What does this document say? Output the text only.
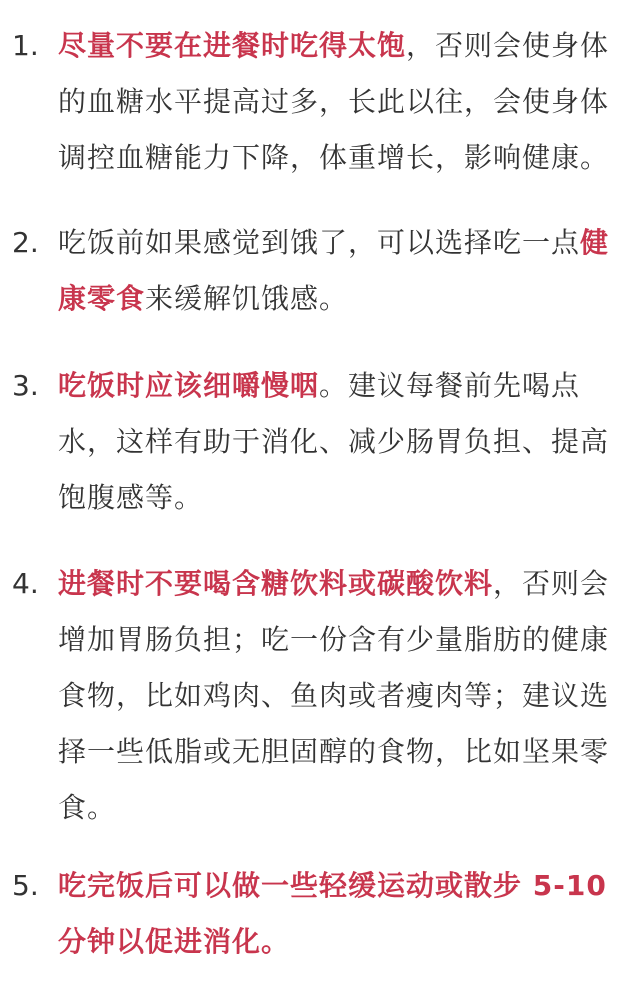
1. 尽量不要在进餐时吃得太饱，否则会使身体的血糖水平提高过多，长此以往，会使身体调控血糖能力下降，体重增长，影响健康。
2. 吃饭前如果感觉到饿了，可以选择吃一点健康零食来缓解饥饿感。
3. 吃饭时应该细嚼慢咽。建议每餐前先喝点水，这样有助于消化、减少肠胃负担、提高饱腹感等。
4. 进餐时不要喝含糖饮料或碳酸饮料，否则会增加胃肠负担；吃一份含有少量脂肪的健康食物，比如鸡肉、鱼肉或者瘦肉等；建议选择一些低脂或无胆固醇的食物，比如坚果零食。
5. 吃完饭后可以做一些轻缓运动或散步 5-10 分钟以促进消化。
